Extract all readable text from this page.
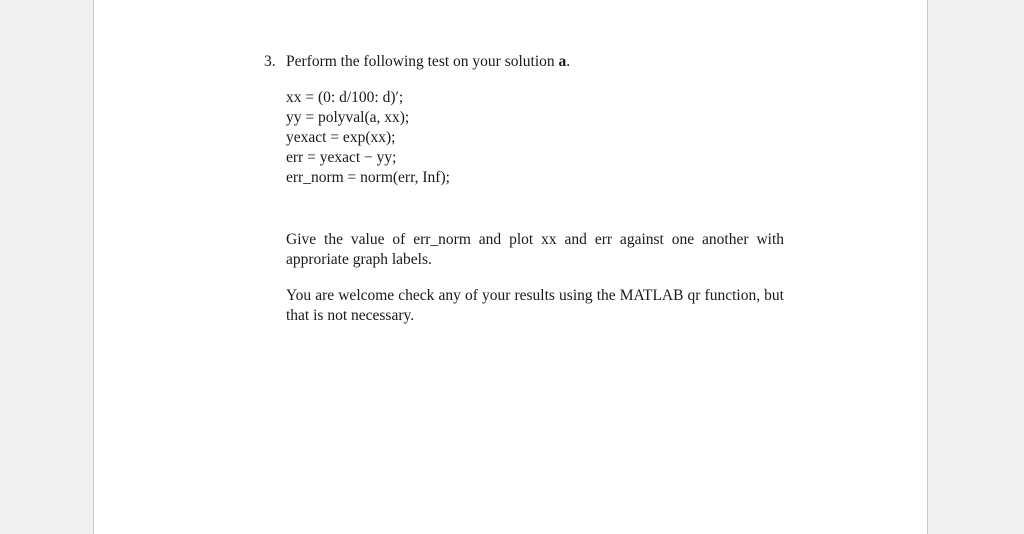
3. Perform the following test on your solution a.
xx = (0: d/100: d)′;
yy = polyval(a, xx);
yexact = exp(xx);
err = yexact − yy;
err_norm = norm(err, Inf);

Give the value of err_norm and plot xx and err against one another with approriate graph labels.

You are welcome check any of your results using the MATLAB qr function, but that is not necessary.
